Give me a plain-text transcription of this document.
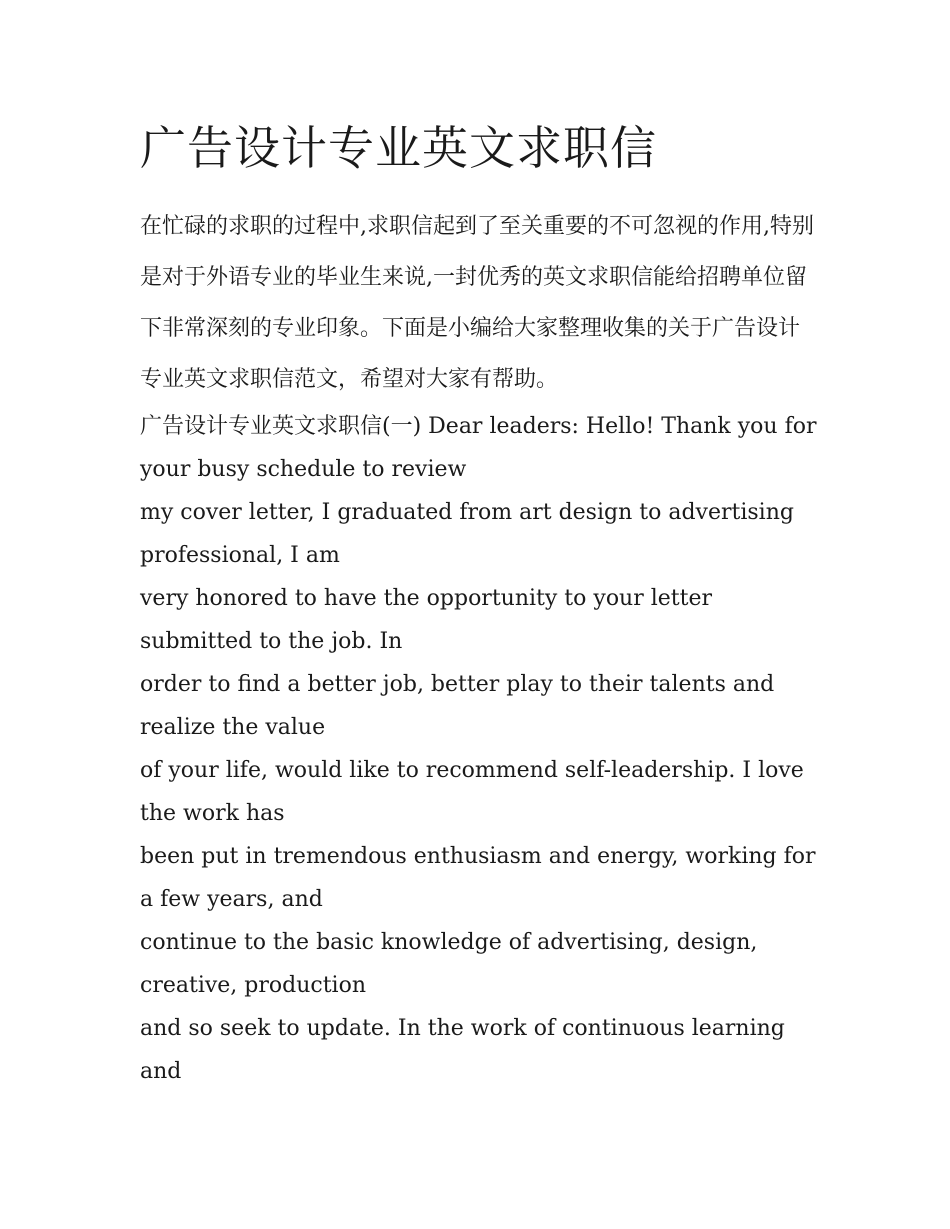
广告设计专业英文求职信

在忙碌的求职的过程中,求职信起到了至关重要的不可忽视的作用,特别是对于外语专业的毕业生来说,一封优秀的英文求职信能给招聘单位留下非常深刻的专业印象。下面是小编给大家整理收集的关于广告设计专业英文求职信范文，希望对大家有帮助。

广告设计专业英文求职信(一) Dear leaders: Hello! Thank you for your busy schedule to review
my cover letter, I graduated from art design to advertising professional, I am
very honored to have the opportunity to your letter submitted to the job. In
order to find a better job, better play to their talents and realize the value
of your life, would like to recommend self-leadership. I love the work has
been put in tremendous enthusiasm and energy, working for a few years, and
continue to the basic knowledge of advertising, design, creative, production
and so seek to update. In the work of continuous learning and
